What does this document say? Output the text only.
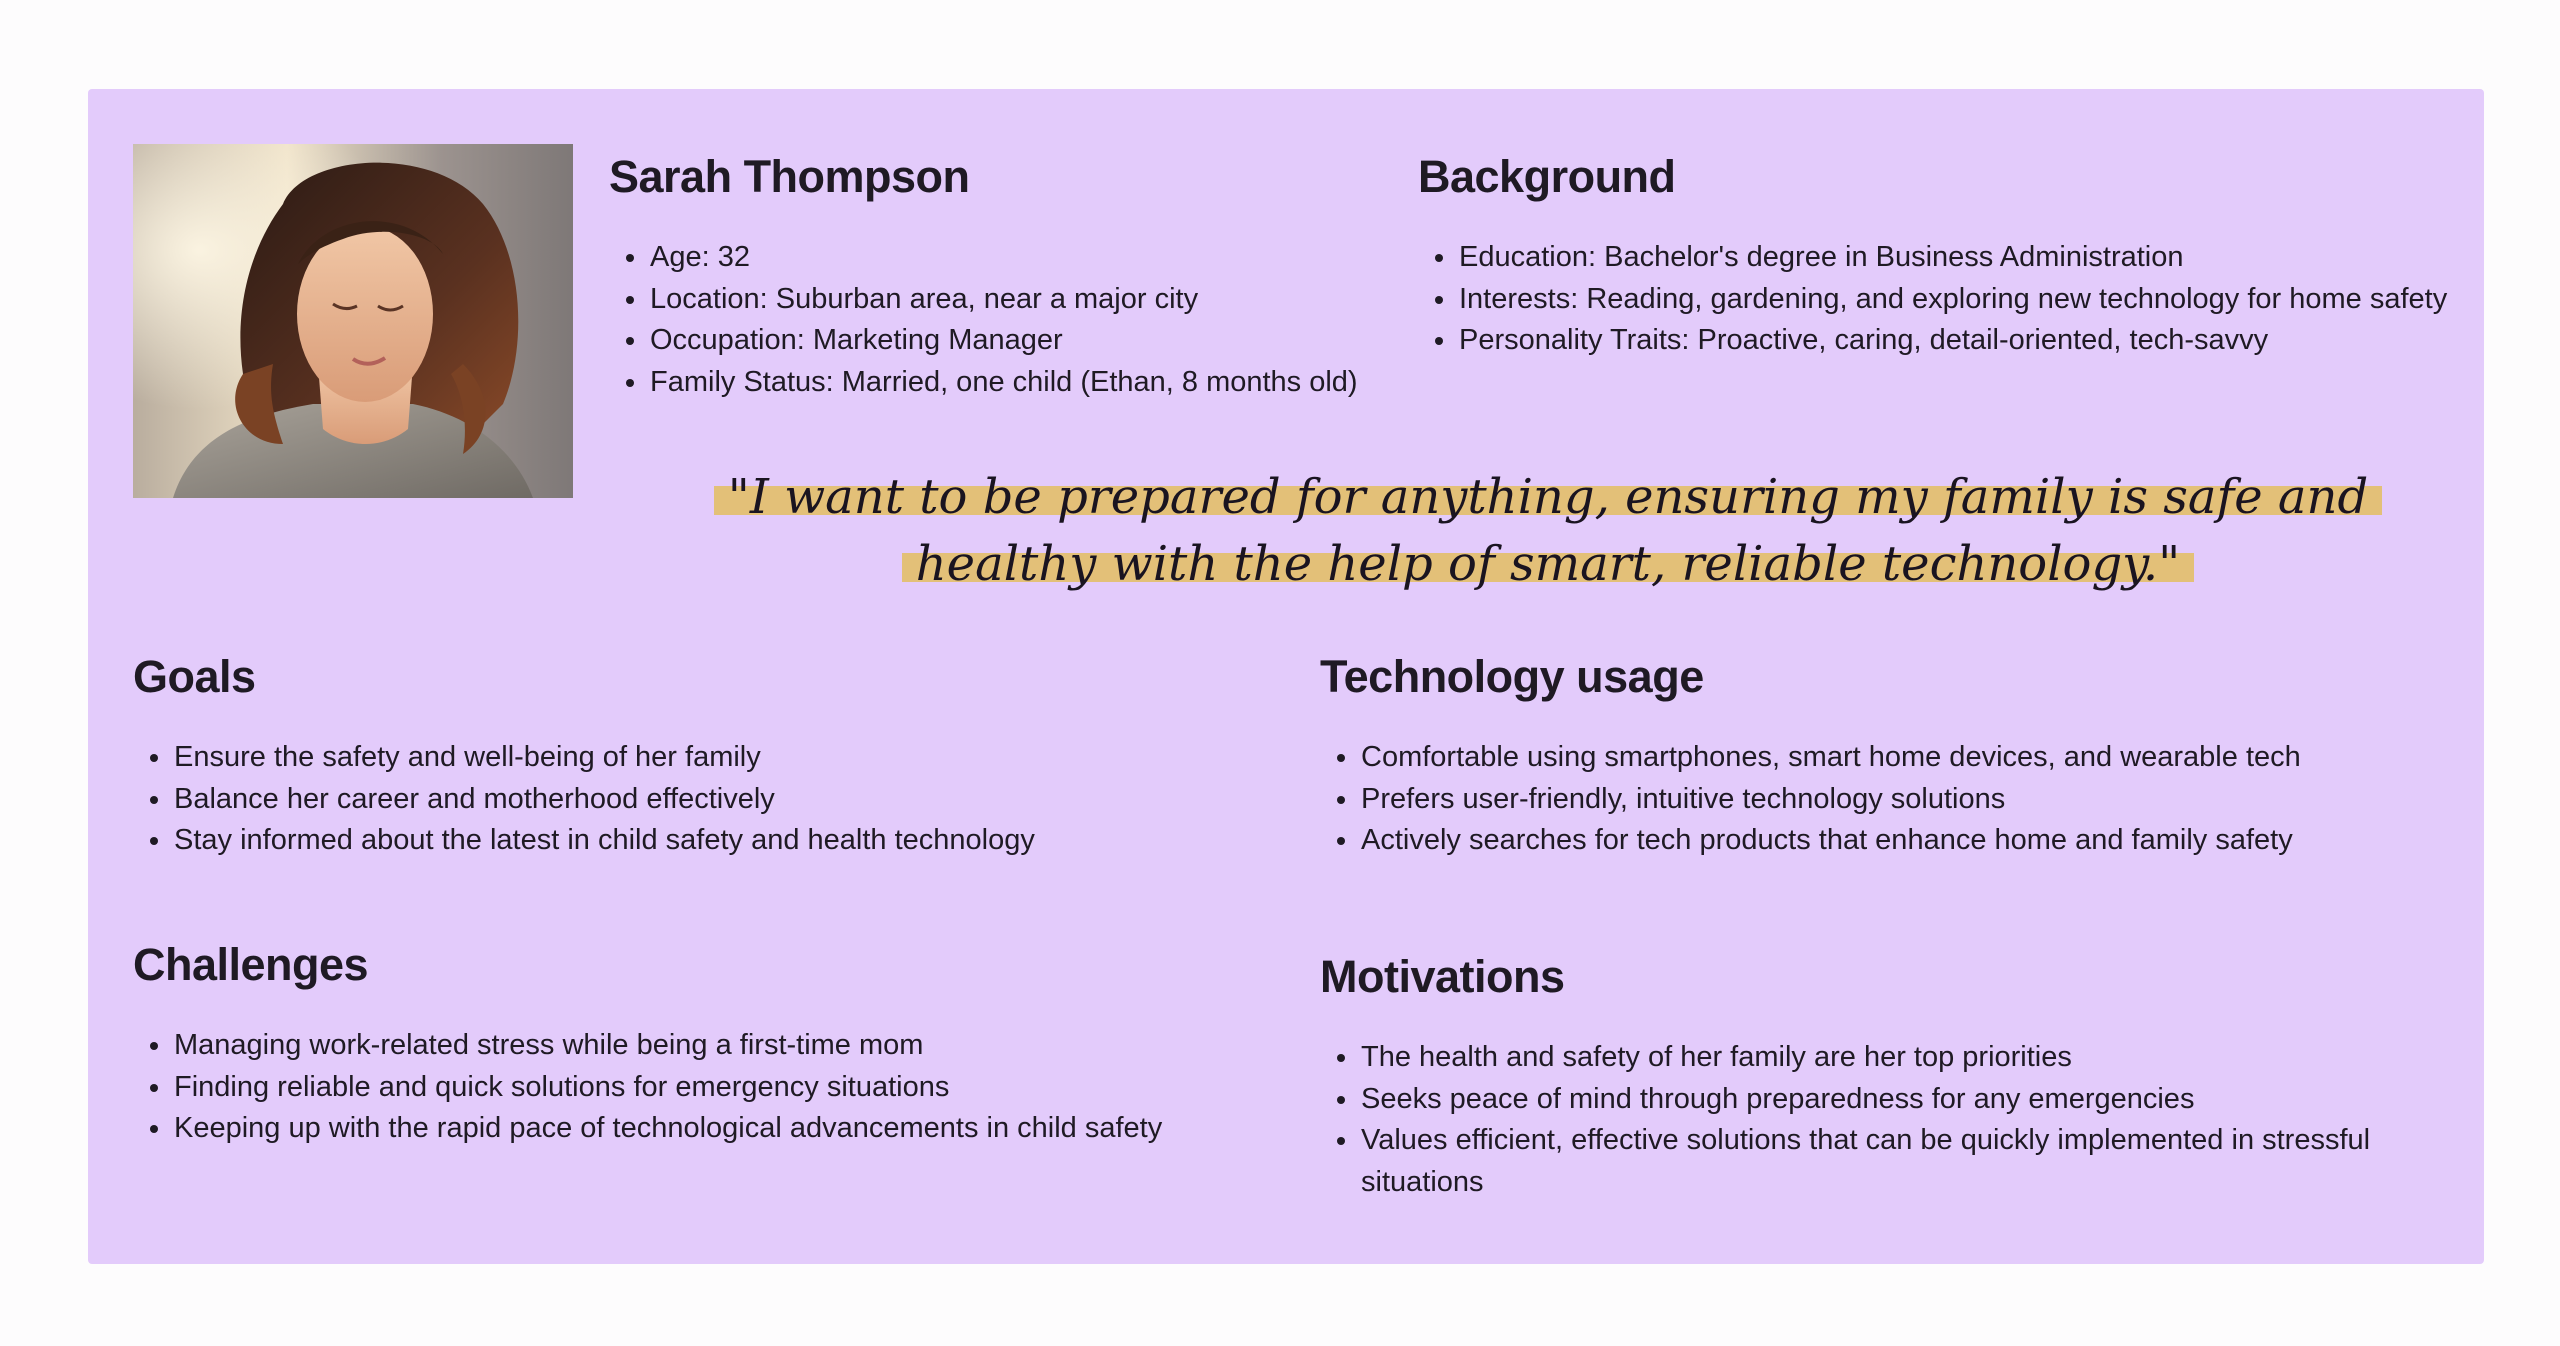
Sarah Thompson
Age: 32
Location: Suburban area, near a major city
Occupation: Marketing Manager
Family Status: Married, one child (Ethan, 8 months old)
Background
Education: Bachelor's degree in Business Administration
Interests: Reading, gardening, and exploring new technology for home safety
Personality Traits: Proactive, caring, detail-oriented, tech-savvy
"I want to be prepared for anything, ensuring my family is safe and healthy with the help of smart, reliable technology."
Goals
Ensure the safety and well-being of her family
Balance her career and motherhood effectively
Stay informed about the latest in child safety and health technology
Technology usage
Comfortable using smartphones, smart home devices, and wearable tech
Prefers user-friendly, intuitive technology solutions
Actively searches for tech products that enhance home and family safety
Challenges
Managing work-related stress while being a first-time mom
Finding reliable and quick solutions for emergency situations
Keeping up with the rapid pace of technological advancements in child safety
Motivations
The health and safety of her family are her top priorities
Seeks peace of mind through preparedness for any emergencies
Values efficient, effective solutions that can be quickly implemented in stressful situations
